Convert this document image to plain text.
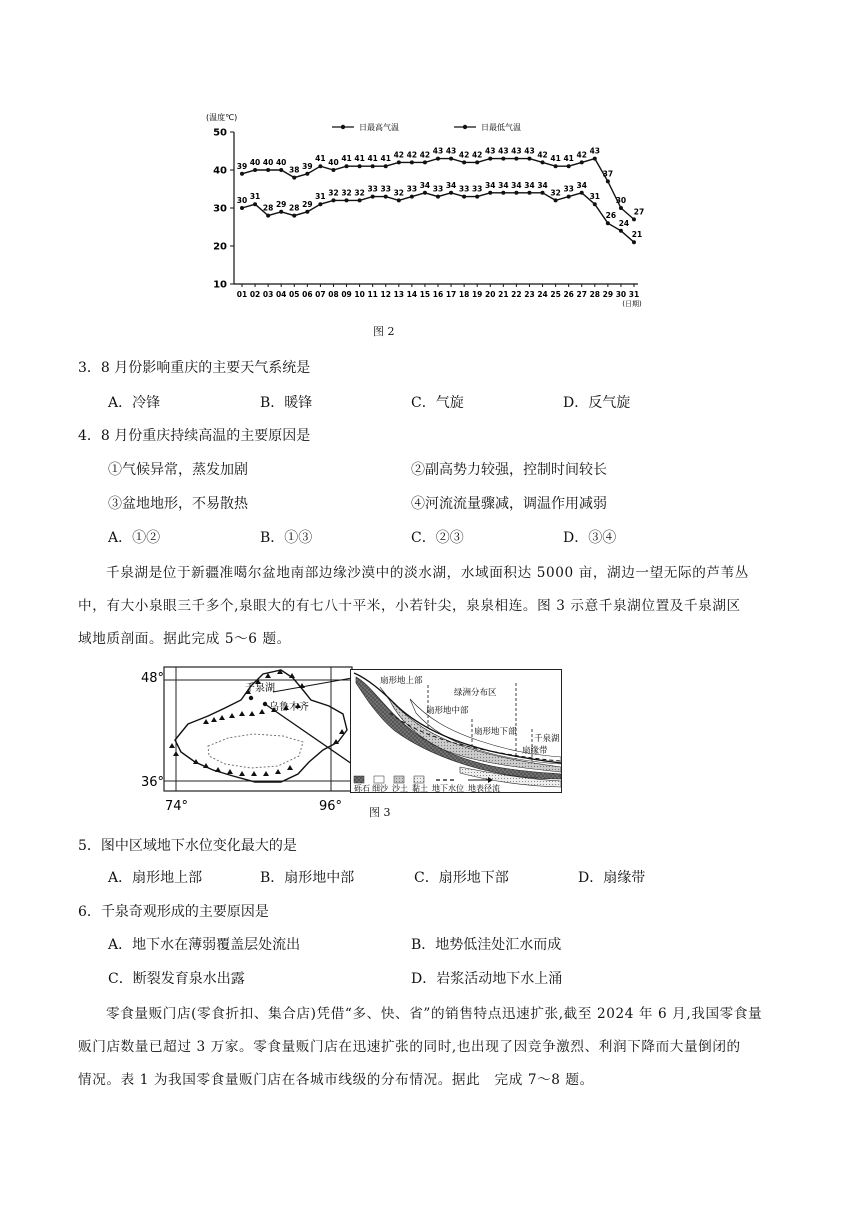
50
40
30
20
10
(温度℃)
01 02 03 04 05 06 07 08 09 10 11 12 13 14 15 16 17 18 19 20 21 22 23 24 25 26 27 28 29 30 31
(日期)
日最高气温	日最低气温
39 40 40 40
38 39
41 40 41 41 41 41 42 42 42 43 43 42 42 43 43 43 43 42 41 41 42 43
37
30
27
30 31
28 29 28 29
31 32 32 32 33 33 32 33 34 33 34 33 33 34 34 34 34 34
32 33 34
31
26
24
21
图 2
3．8 月份影响重庆的主要天气系统是
A．冷锋	B．暖锋	C．气旋	D．反气旋
4．8 月份重庆持续高温的主要原因是
①气候异常，蒸发加剧	②副高势力较强，控制时间较长
③盆地地形，不易散热	④河流流量骤减，调温作用减弱
A．①②	B．①③	C．②③	D．③④
千泉湖是位于新疆准噶尔盆地南部边缘沙漠中的淡水湖，水域面积达 5000 亩，湖边一望无际的芦苇丛
中，有大小泉眼三千多个,泉眼大的有七八十平米，小若针尖，泉泉相连。图 3 示意千泉湖位置及千泉湖区
域地质剖面。据此完成 5～6 题。
48°
36°
74°	96°
千泉湖
乌鲁木齐
扇形地上部
绿洲分布区
扇形地中部
扇形地下部
千泉湖
扇缘带
砾石 细沙 沙土 黏土 地下水位 地表径流
图 3
5．图中区域地下水位变化最大的是
A．扇形地上部	B．扇形地中部	C．扇形地下部	D．扇缘带
6．千泉奇观形成的主要原因是
A．地下水在薄弱覆盖层处流出	B．地势低洼处汇水而成
C．断裂发育泉水出露	D．岩浆活动地下水上涌
零食量贩门店(零食折扣、集合店)凭借“多、快、省”的销售特点迅速扩张,截至 2024 年 6 月,我国零食量
贩门店数量已超过 3 万家。零食量贩门店在迅速扩张的同时,也出现了因竞争激烈、利润下降而大量倒闭的
情况。表 1 为我国零食量贩门店在各城市线级的分布情况。据此　完成 7～8 题。
